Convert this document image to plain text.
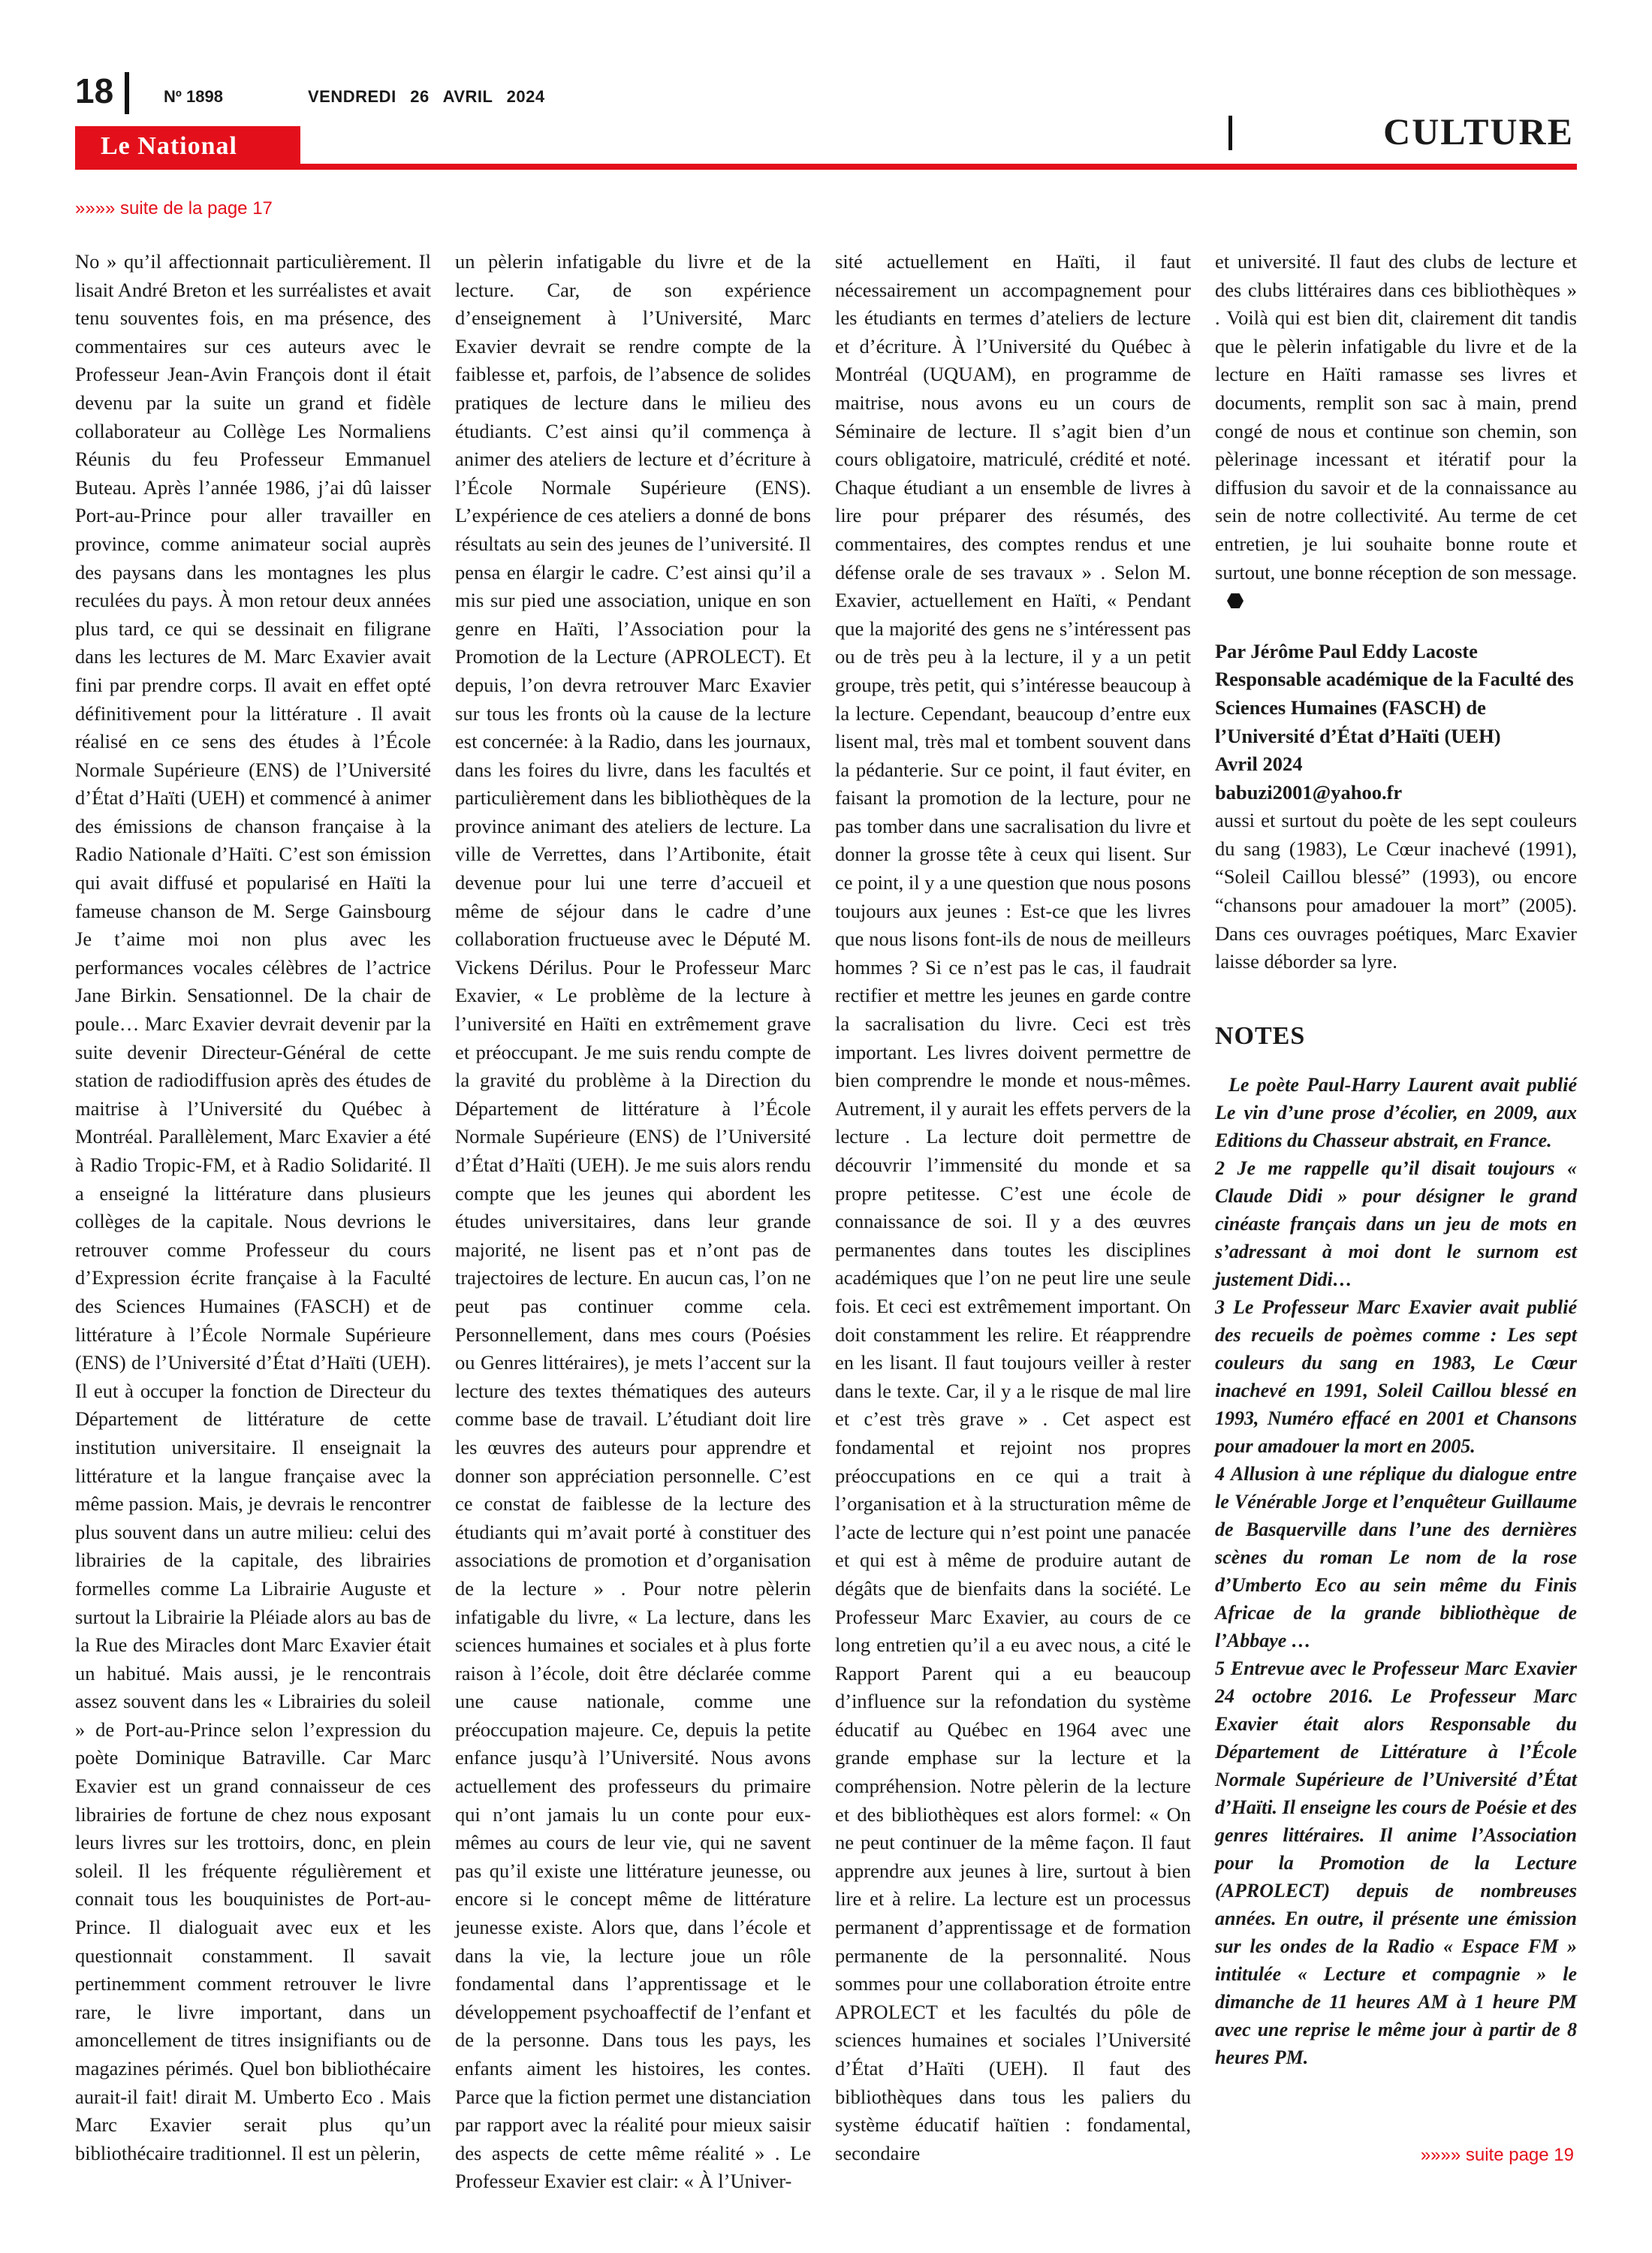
18	Nº 1898	VENDREDI 26 AVRIL 2024
CULTURE
Le National
»»»» suite de la page 17

No » qu’il affectionnait particulièrement. Il lisait André Breton et les surréalistes et avait tenu souventes fois, en ma présence, des commentaires sur ces auteurs avec le Professeur Jean-Avin François dont il était devenu par la suite un grand et fidèle collaborateur au Collège Les Normaliens Réunis du feu Professeur Emmanuel Buteau. Après l’année 1986, j’ai dû laisser Port-au-Prince pour aller travailler en province, comme animateur social auprès des paysans dans les montagnes les plus reculées du pays. À mon retour deux années plus tard, ce qui se dessinait en filigrane dans les lectures de M. Marc Exavier avait fini par prendre corps. Il avait en effet opté définitivement pour la littérature . Il avait réalisé en ce sens des études à l’École Normale Supérieure (ENS) de l’Université d’État d’Haïti (UEH) et commencé à animer des émissions de chanson française à la Radio Nationale d’Haïti. C’est son émission qui avait diffusé et popularisé en Haïti la fameuse chanson de M. Serge Gainsbourg Je t’aime moi non plus avec les performances vocales célèbres de l’actrice Jane Birkin. Sensationnel. De la chair de poule… Marc Exavier devrait devenir par la suite devenir Directeur-Général de cette station de radiodiffusion après des études de maitrise à l’Université du Québec à Montréal. Parallèlement, Marc Exavier a été à Radio Tropic-FM, et à Radio Solidarité. Il a enseigné la littérature dans plusieurs collèges de la capitale. Nous devrions le retrouver comme Professeur du cours d’Expression écrite française à la Faculté des Sciences Humaines (FASCH) et de littérature à l’École Normale Supérieure (ENS) de l’Université d’État d’Haïti (UEH). Il eut à occuper la fonction de Directeur du Département de littérature de cette institution universitaire. Il enseignait la littérature et la langue française avec la même passion. Mais, je devrais le rencontrer plus souvent dans un autre milieu: celui des librairies de la capitale, des librairies formelles comme La Librairie Auguste et surtout la Librairie la Pléiade alors au bas de la Rue des Miracles dont Marc Exavier était un habitué. Mais aussi, je le rencontrais assez souvent dans les « Librairies du soleil » de Port-au-Prince selon l’expression du poète Dominique Batraville. Car Marc Exavier est un grand connaisseur de ces librairies de fortune de chez nous exposant leurs livres sur les trottoirs, donc, en plein soleil. Il les fréquente régulièrement et connait tous les bouquinistes de Port-au-Prince. Il dialoguait avec eux et les questionnait constamment. Il savait pertinemment comment retrouver le livre rare, le livre important, dans un amoncellement de titres insignifiants ou de magazines périmés. Quel bon bibliothécaire aurait-il fait! dirait M. Umberto Eco . Mais Marc Exavier serait plus qu’un bibliothécaire traditionnel. Il est un pèlerin,

un pèlerin infatigable du livre et de la lecture. Car, de son expérience d’enseignement à l’Université, Marc Exavier devrait se rendre compte de la faiblesse et, parfois, de l’absence de solides pratiques de lecture dans le milieu des étudiants. C’est ainsi qu’il commença à animer des ateliers de lecture et d’écriture à l’École Normale Supérieure (ENS). L’expérience de ces ateliers a donné de bons résultats au sein des jeunes de l’université. Il pensa en élargir le cadre. C’est ainsi qu’il a mis sur pied une association, unique en son genre en Haïti, l’Association pour la Promotion de la Lecture (APROLECT). Et depuis, l’on devra retrouver Marc Exavier sur tous les fronts où la cause de la lecture est concernée: à la Radio, dans les journaux, dans les foires du livre, dans les facultés et particulièrement dans les bibliothèques de la province animant des ateliers de lecture. La ville de Verrettes, dans l’Artibonite, était devenue pour lui une terre d’accueil et même de séjour dans le cadre d’une collaboration fructueuse avec le Député M. Vickens Dérilus. Pour le Professeur Marc Exavier, « Le problème de la lecture à l’université en Haïti en extrêmement grave et préoccupant. Je me suis rendu compte de la gravité du problème à la Direction du Département de littérature à l’École Normale Supérieure (ENS) de l’Université d’État d’Haïti (UEH). Je me suis alors rendu compte que les jeunes qui abordent les études universitaires, dans leur grande majorité, ne lisent pas et n’ont pas de trajectoires de lecture. En aucun cas, l’on ne peut pas continuer comme cela. Personnellement, dans mes cours (Poésies ou Genres littéraires), je mets l’accent sur la lecture des textes thématiques des auteurs comme base de travail. L’étudiant doit lire les œuvres des auteurs pour apprendre et donner son appréciation personnelle. C’est ce constat de faiblesse de la lecture des étudiants qui m’avait porté à constituer des associations de promotion et d’organisation de la lecture » . Pour notre pèlerin infatigable du livre, « La lecture, dans les sciences humaines et sociales et à plus forte raison à l’école, doit être déclarée comme une cause nationale, comme une préoccupation majeure. Ce, depuis la petite enfance jusqu’à l’Université. Nous avons actuellement des professeurs du primaire qui n’ont jamais lu un conte pour eux-mêmes au cours de leur vie, qui ne savent pas qu’il existe une littérature jeunesse, ou encore si le concept même de littérature jeunesse existe. Alors que, dans l’école et dans la vie, la lecture joue un rôle fondamental dans l’apprentissage et le développement psychoaffectif de l’enfant et de la personne. Dans tous les pays, les enfants aiment les histoires, les contes. Parce que la fiction permet une distanciation par rapport avec la réalité pour mieux saisir des aspects de cette même réalité » . Le Professeur Exavier est clair: « À l’Univer-

sité actuellement en Haïti, il faut nécessairement un accompagnement pour les étudiants en termes d’ateliers de lecture et d’écriture. À l’Université du Québec à Montréal (UQUAM), en programme de maitrise, nous avons eu un cours de Séminaire de lecture. Il s’agit bien d’un cours obligatoire, matriculé, crédité et noté. Chaque étudiant a un ensemble de livres à lire pour préparer des résumés, des commentaires, des comptes rendus et une défense orale de ses travaux » . Selon M. Exavier, actuellement en Haïti, « Pendant que la majorité des gens ne s’intéressent pas ou de très peu à la lecture, il y a un petit groupe, très petit, qui s’intéresse beaucoup à la lecture. Cependant, beaucoup d’entre eux lisent mal, très mal et tombent souvent dans la pédanterie. Sur ce point, il faut éviter, en faisant la promotion de la lecture, pour ne pas tomber dans une sacralisation du livre et donner la grosse tête à ceux qui lisent. Sur ce point, il y a une question que nous posons toujours aux jeunes : Est-ce que les livres que nous lisons font-ils de nous de meilleurs hommes ? Si ce n’est pas le cas, il faudrait rectifier et mettre les jeunes en garde contre la sacralisation du livre. Ceci est très important. Les livres doivent permettre de bien comprendre le monde et nous-mêmes. Autrement, il y aurait les effets pervers de la lecture . La lecture doit permettre de découvrir l’immensité du monde et sa propre petitesse. C’est une école de connaissance de soi. Il y a des œuvres permanentes dans toutes les disciplines académiques que l’on ne peut lire une seule fois. Et ceci est extrêmement important. On doit constamment les relire. Et réapprendre en les lisant. Il faut toujours veiller à rester dans le texte. Car, il y a le risque de mal lire et c’est très grave » . Cet aspect est fondamental et rejoint nos propres préoccupations en ce qui a trait à l’organisation et à la structuration même de l’acte de lecture qui n’est point une panacée et qui est à même de produire autant de dégâts que de bienfaits dans la société. Le Professeur Marc Exavier, au cours de ce long entretien qu’il a eu avec nous, a cité le Rapport Parent qui a eu beaucoup d’influence sur la refondation du système éducatif au Québec en 1964 avec une grande emphase sur la lecture et la compréhension. Notre pèlerin de la lecture et des bibliothèques est alors formel: « On ne peut continuer de la même façon. Il faut apprendre aux jeunes à lire, surtout à bien lire et à relire. La lecture est un processus permanent d’apprentissage et de formation permanente de la personnalité. Nous sommes pour une collaboration étroite entre APROLECT et les facultés du pôle de sciences humaines et sociales l’Université d’État d’Haïti (UEH). Il faut des bibliothèques dans tous les paliers du système éducatif haïtien : fondamental, secondaire

et université. Il faut des clubs de lecture et des clubs littéraires dans ces bibliothèques » . Voilà qui est bien dit, clairement dit tandis que le pèlerin infatigable du livre et de la lecture en Haïti ramasse ses livres et documents, remplit son sac à main, prend congé de nous et continue son chemin, son pèlerinage incessant et itératif pour la diffusion du savoir et de la connaissance au sein de notre collectivité. Au terme de cet entretien, je lui souhaite bonne route et surtout, une bonne réception de son message.

Par Jérôme Paul Eddy Lacoste
Responsable académique de la Faculté des Sciences Humaines (FASCH) de l’Université d’État d’Haïti (UEH)
Avril 2024
babuzi2001@yahoo.fr

aussi et surtout du poète de les sept couleurs du sang (1983), Le Cœur inachevé (1991), “Soleil Caillou blessé” (1993), ou encore “chansons pour amadouer la mort” (2005). Dans ces ouvrages poétiques, Marc Exavier laisse déborder sa lyre.

NOTES

Le poète Paul-Harry Laurent avait publié Le vin d’une prose d’écolier, en 2009, aux Editions du Chasseur abstrait, en France.

2 Je me rappelle qu’il disait toujours « Claude Didi » pour désigner le grand cinéaste français dans un jeu de mots en s’adressant à moi dont le surnom est justement Didi…

3 Le Professeur Marc Exavier avait publié des recueils de poèmes comme : Les sept couleurs du sang en 1983, Le Cœur inachevé en 1991, Soleil Caillou blessé en 1993, Numéro effacé en 2001 et Chansons pour amadouer la mort en 2005.

4 Allusion à une réplique du dialogue entre le Vénérable Jorge et l’enquêteur Guillaume de Basquerville dans l’une des dernières scènes du roman Le nom de la rose d’Umberto Eco au sein même du Finis Africae de la grande bibliothèque de l’Abbaye …

5 Entrevue avec le Professeur Marc Exavier 24 octobre 2016. Le Professeur Marc Exavier était alors Responsable du Département de Littérature à l’École Normale Supérieure de l’Université d’État d’Haïti. Il enseigne les cours de Poésie et des genres littéraires. Il anime l’Association pour la Promotion de la Lecture (APROLECT) depuis de nombreuses années. En outre, il présente une émission sur les ondes de la Radio « Espace FM » intitulée « Lecture et compagnie » le dimanche de 11 heures AM à 1 heure PM avec une reprise le même jour à partir de 8 heures PM.

»»»» suite page 19
